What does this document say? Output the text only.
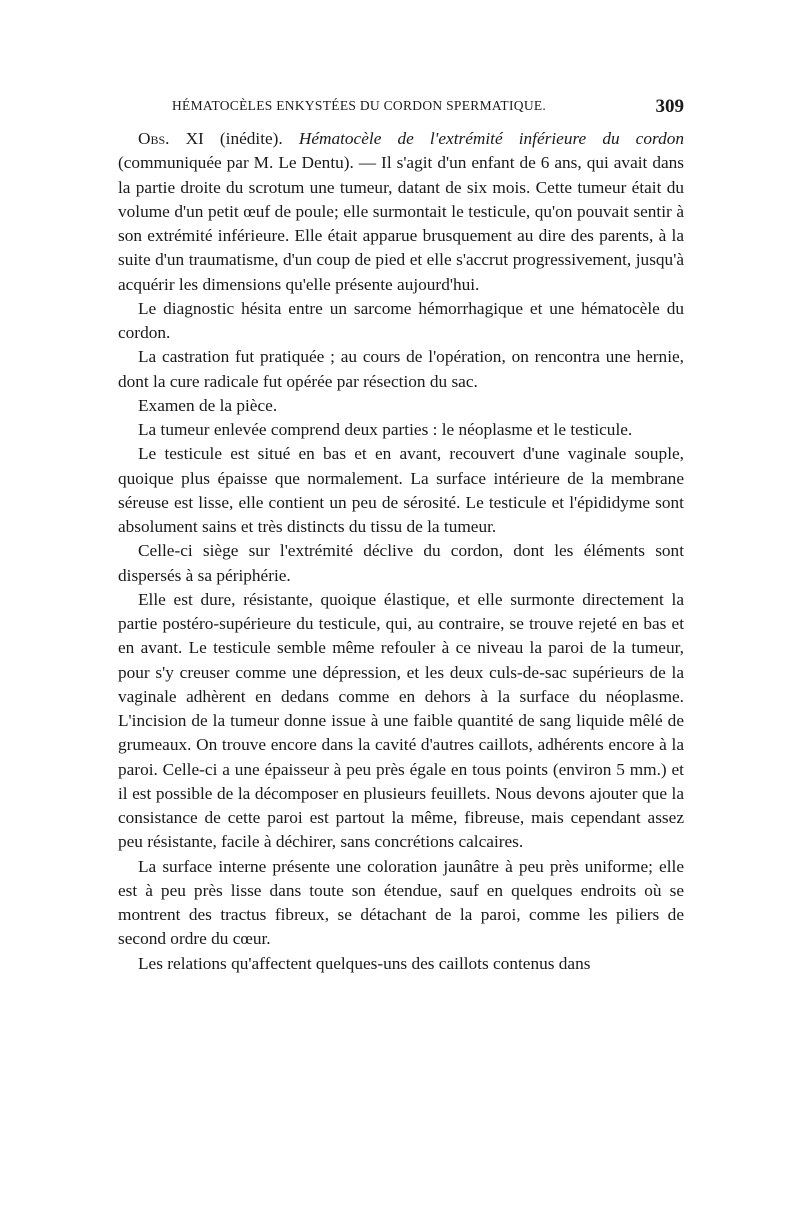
HÉMATOCÈLES ENKYSTÉES DU CORDON SPERMATIQUE.	309

Obs. XI (inédite). Hématocèle de l'extrémité inférieure du cordon (communiquée par M. Le Dentu). — Il s'agit d'un enfant de 6 ans, qui avait dans la partie droite du scrotum une tumeur, datant de six mois. Cette tumeur était du volume d'un petit œuf de poule; elle surmontait le testicule, qu'on pouvait sentir à son extrémité inférieure. Elle était apparue brusquement au dire des parents, à la suite d'un traumatisme, d'un coup de pied et elle s'accrut progressivement, jusqu'à acquérir les dimensions qu'elle présente aujourd'hui.

Le diagnostic hésita entre un sarcome hémorrhagique et une hématocèle du cordon.

La castration fut pratiquée ; au cours de l'opération, on rencontra une hernie, dont la cure radicale fut opérée par résection du sac.

Examen de la pièce.

La tumeur enlevée comprend deux parties : le néoplasme et le testicule.

Le testicule est situé en bas et en avant, recouvert d'une vaginale souple, quoique plus épaisse que normalement. La surface intérieure de la membrane séreuse est lisse, elle contient un peu de sérosité. Le testicule et l'épididyme sont absolument sains et très distincts du tissu de la tumeur.

Celle-ci siège sur l'extrémité déclive du cordon, dont les éléments sont dispersés à sa périphérie.

Elle est dure, résistante, quoique élastique, et elle surmonte directement la partie postéro-supérieure du testicule, qui, au contraire, se trouve rejeté en bas et en avant. Le testicule semble même refouler à ce niveau la paroi de la tumeur, pour s'y creuser comme une dépression, et les deux culs-de-sac supérieurs de la vaginale adhèrent en dedans comme en dehors à la surface du néoplasme. L'incision de la tumeur donne issue à une faible quantité de sang liquide mêlé de grumeaux. On trouve encore dans la cavité d'autres caillots, adhérents encore à la paroi. Celle-ci a une épaisseur à peu près égale en tous points (environ 5 mm.) et il est possible de la décomposer en plusieurs feuillets. Nous devons ajouter que la consistance de cette paroi est partout la même, fibreuse, mais cependant assez peu résistante, facile à déchirer, sans concrétions calcaires.

La surface interne présente une coloration jaunâtre à peu près uniforme; elle est à peu près lisse dans toute son étendue, sauf en quelques endroits où se montrent des tractus fibreux, se détachant de la paroi, comme les piliers de second ordre du cœur.

Les relations qu'affectent quelques-uns des caillots contenus dans
